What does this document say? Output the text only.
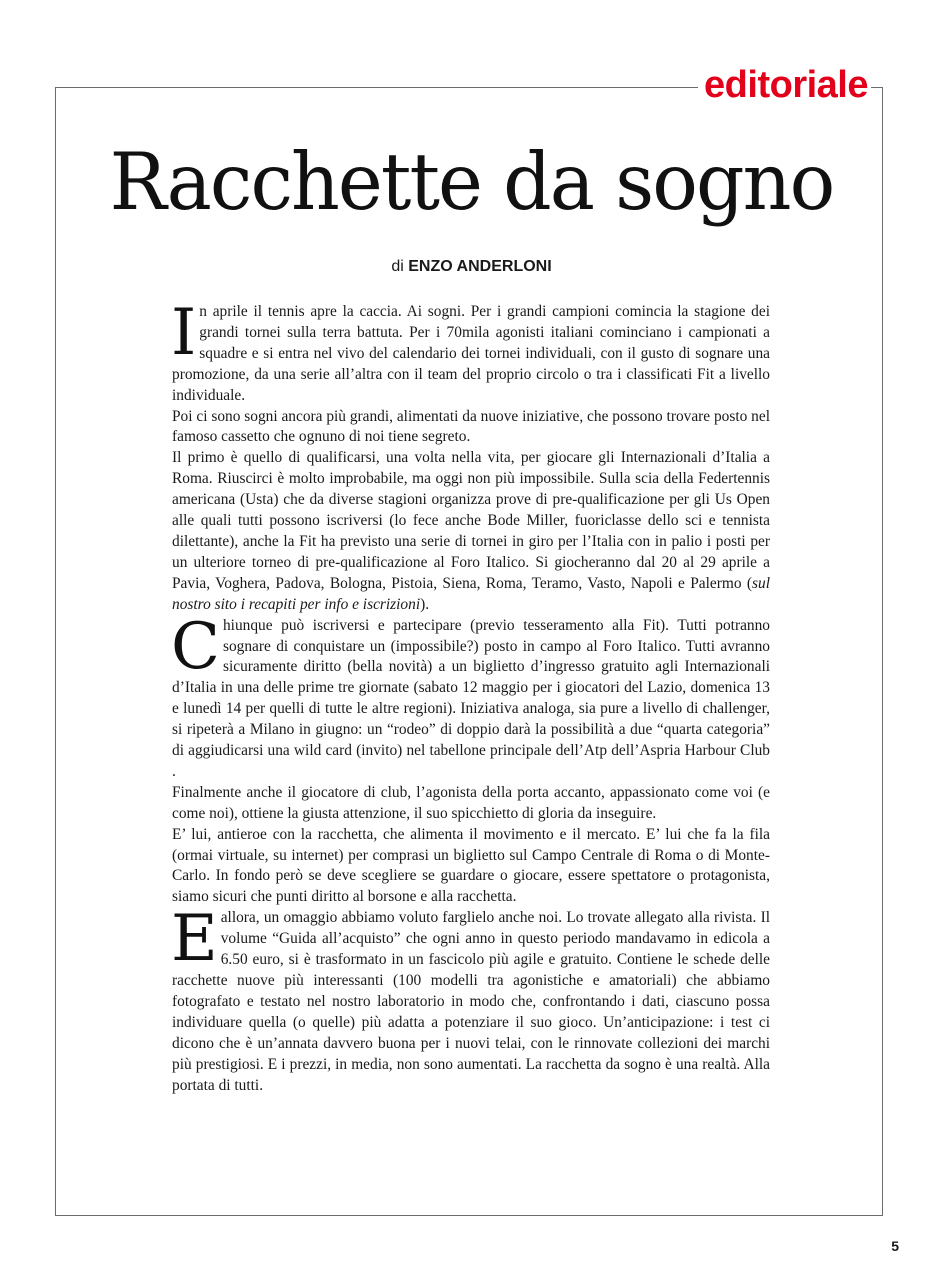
editoriale
Racchette da sogno
di ENZO ANDERLONI

In aprile il tennis apre la caccia. Ai sogni. Per i grandi campioni comincia la stagione dei grandi tornei sulla terra battuta. Per i 70mila agonisti italiani cominciano i campionati a squadre e si entra nel vivo del calendario dei tornei individuali, con il gusto di sognare una promozione, da una serie all’altra con il team del proprio circolo o tra i classificati Fit a livello individuale.

Poi ci sono sogni ancora più grandi, alimentati da nuove iniziative, che possono trovare posto nel famoso cassetto che ognuno di noi tiene segreto.

Il primo è quello di qualificarsi, una volta nella vita, per giocare gli Internazionali d’Italia a Roma. Riuscirci è molto improbabile, ma oggi non più impossibile. Sulla scia della Federtennis americana (Usta) che da diverse stagioni organizza prove di pre-qualificazione per gli Us Open alle quali tutti possono iscriversi (lo fece anche Bode Miller, fuoriclasse dello sci e tennista dilettante), anche la Fit ha previsto una serie di tornei in giro per l’Italia con in palio i posti per un ulteriore torneo di pre-qualificazione al Foro Italico. Si giocheranno dal 20 al 29 aprile a Pavia, Voghera, Padova, Bologna, Pistoia, Siena, Roma, Teramo, Vasto, Napoli e Palermo (sul nostro sito i recapiti per info e iscrizioni).

Chiunque può iscriversi e partecipare (previo tesseramento alla Fit). Tutti potranno sognare di conquistare un (impossibile?) posto in campo al Foro Italico. Tutti avranno sicuramente diritto (bella novità) a un biglietto d’ingresso gratuito agli Internazionali d’Italia in una delle prime tre giornate (sabato 12 maggio per i giocatori del Lazio, domenica 13 e lunedì 14 per quelli di tutte le altre regioni). Iniziativa analoga, sia pure a livello di challenger, si ripeterà a Milano in giugno: un “rodeo” di doppio darà la possibilità a due “quarta categoria” di aggiudicarsi una wild card (invito) nel tabellone principale dell’Atp dell’Aspria Harbour Club .

Finalmente anche il giocatore di club, l’agonista della porta accanto, appassionato come voi (e come noi), ottiene la giusta attenzione, il suo spicchietto di gloria da inseguire.

E’ lui, antieroe con la racchetta, che alimenta il movimento e il mercato. E’ lui che fa la fila (ormai virtuale, su internet) per comprasi un biglietto sul Campo Centrale di Roma o di Monte-Carlo. In fondo però se deve scegliere se guardare o giocare, essere spettatore o protagonista, siamo sicuri che punti diritto al borsone e alla racchetta.

E allora, un omaggio abbiamo voluto farglielo anche noi. Lo trovate allegato alla rivista. Il volume “Guida all’acquisto” che ogni anno in questo periodo mandavamo in edicola a 6.50 euro, si è trasformato in un fascicolo più agile e gratuito. Contiene le schede delle racchette nuove più interessanti (100 modelli tra agonistiche e amatoriali) che abbiamo fotografato e testato nel nostro laboratorio in modo che, confrontando i dati, ciascuno possa individuare quella (o quelle) più adatta a potenziare il suo gioco. Un’anticipazione: i test ci dicono che è un’annata davvero buona per i nuovi telai, con le rinnovate collezioni dei marchi più prestigiosi. E i prezzi, in media, non sono aumentati. La racchetta da sogno è una realtà. Alla portata di tutti.

5
